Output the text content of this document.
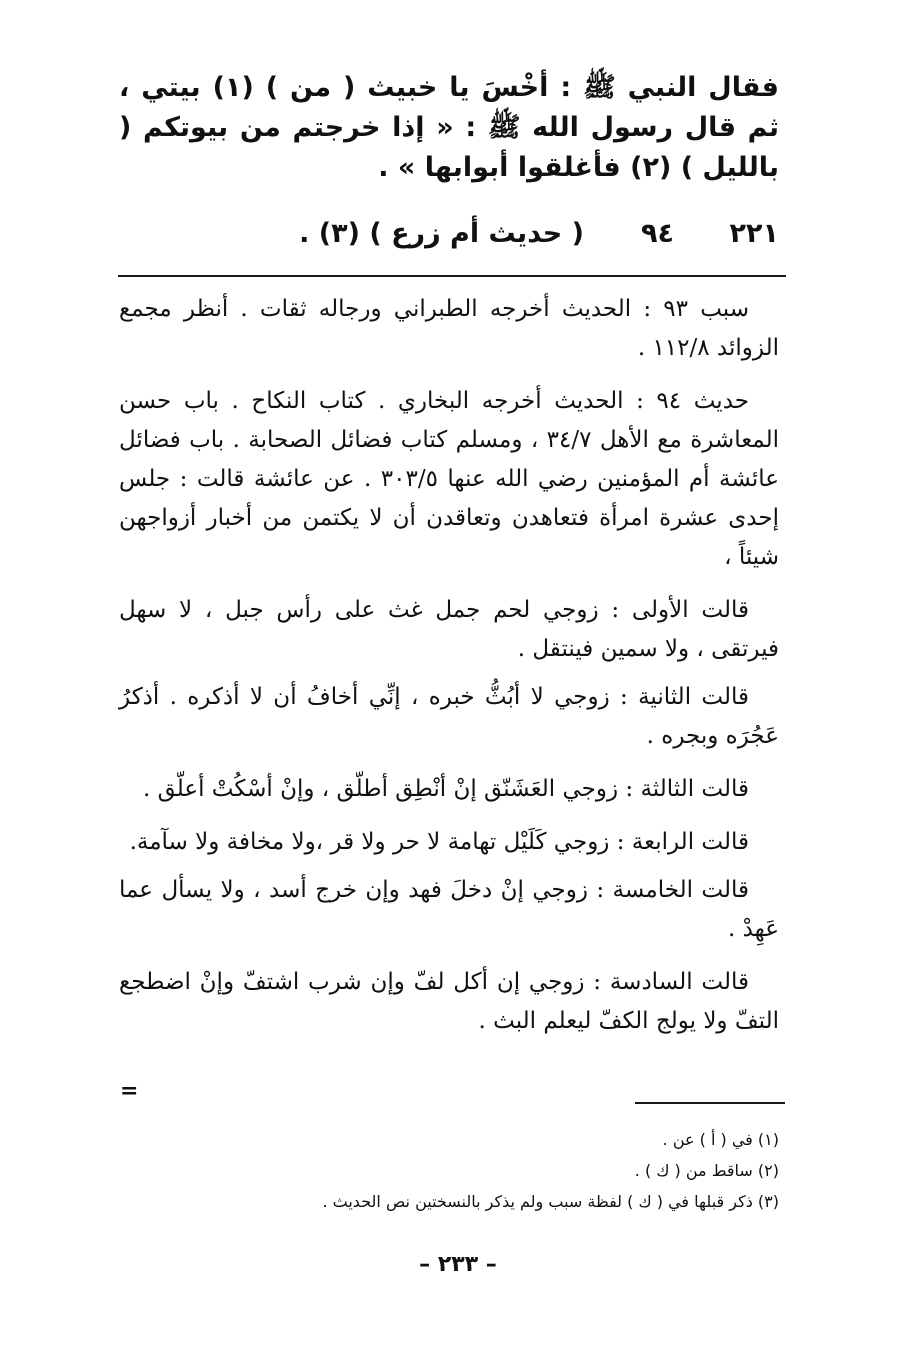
فقال النبي ﷺ : أخْسَ يا خبيث ( من ) (١) بيتي ، ثم قال رسول الله ﷺ : « إذا خرجتم من بيوتكم ( بالليل ) (٢) فأغلقوا أبوابها » .
٢٢١
٩٤
( حديث أم زرع ) (٣) .

سبب ٩٣ : الحديث أخرجه الطبراني ورجاله ثقات . أنظر مجمع الزوائد ١١٢/٨ .

حديث ٩٤ : الحديث أخرجه البخاري . كتاب النكاح . باب حسن المعاشرة مع الأهل ٣٤/٧ ، ومسلم كتاب فضائل الصحابة . باب فضائل عائشة أم المؤمنين رضي الله عنها ٣٠٣/٥ . عن عائشة قالت : جلس إحدى عشرة امرأة فتعاهدن وتعاقدن أن لا يكتمن من أخبار أزواجهن شيئاً ،

قالت الأولى : زوجي لحم جمل غث على رأس جبل ، لا سهل فيرتقى ، ولا سمين فينتقل .

قالت الثانية : زوجي لا أبُثُّ خبره ، إنِّي أخافُ أن لا أذكره . أذكرُ عَجُرَه وبجره .

قالت الثالثة : زوجي العَشَنّق إنْ أنْطِق أطلّق ، وإنْ أسْكُتْ أعلّق .

قالت الرابعة : زوجي كَلَيْل تهامة لا حر ولا قر ،ولا مخافة ولا سآمة.

قالت الخامسة : زوجي إنْ دخلَ فهد وإن خرج أسد ، ولا يسأل عما عَهِدْ .

قالت السادسة : زوجي إن أكل لفّ وإن شرب اشتفّ وإنْ اضطجع التفّ ولا يولج الكفّ ليعلم البث .

=
(١) في ( أ ) عن .
(٢) ساقط من ( ك ) .
(٣) ذكر قبلها في ( ك ) لفظة سبب ولم يذكر بالنسختين نص الحديث .
– ٢٣٣ –
